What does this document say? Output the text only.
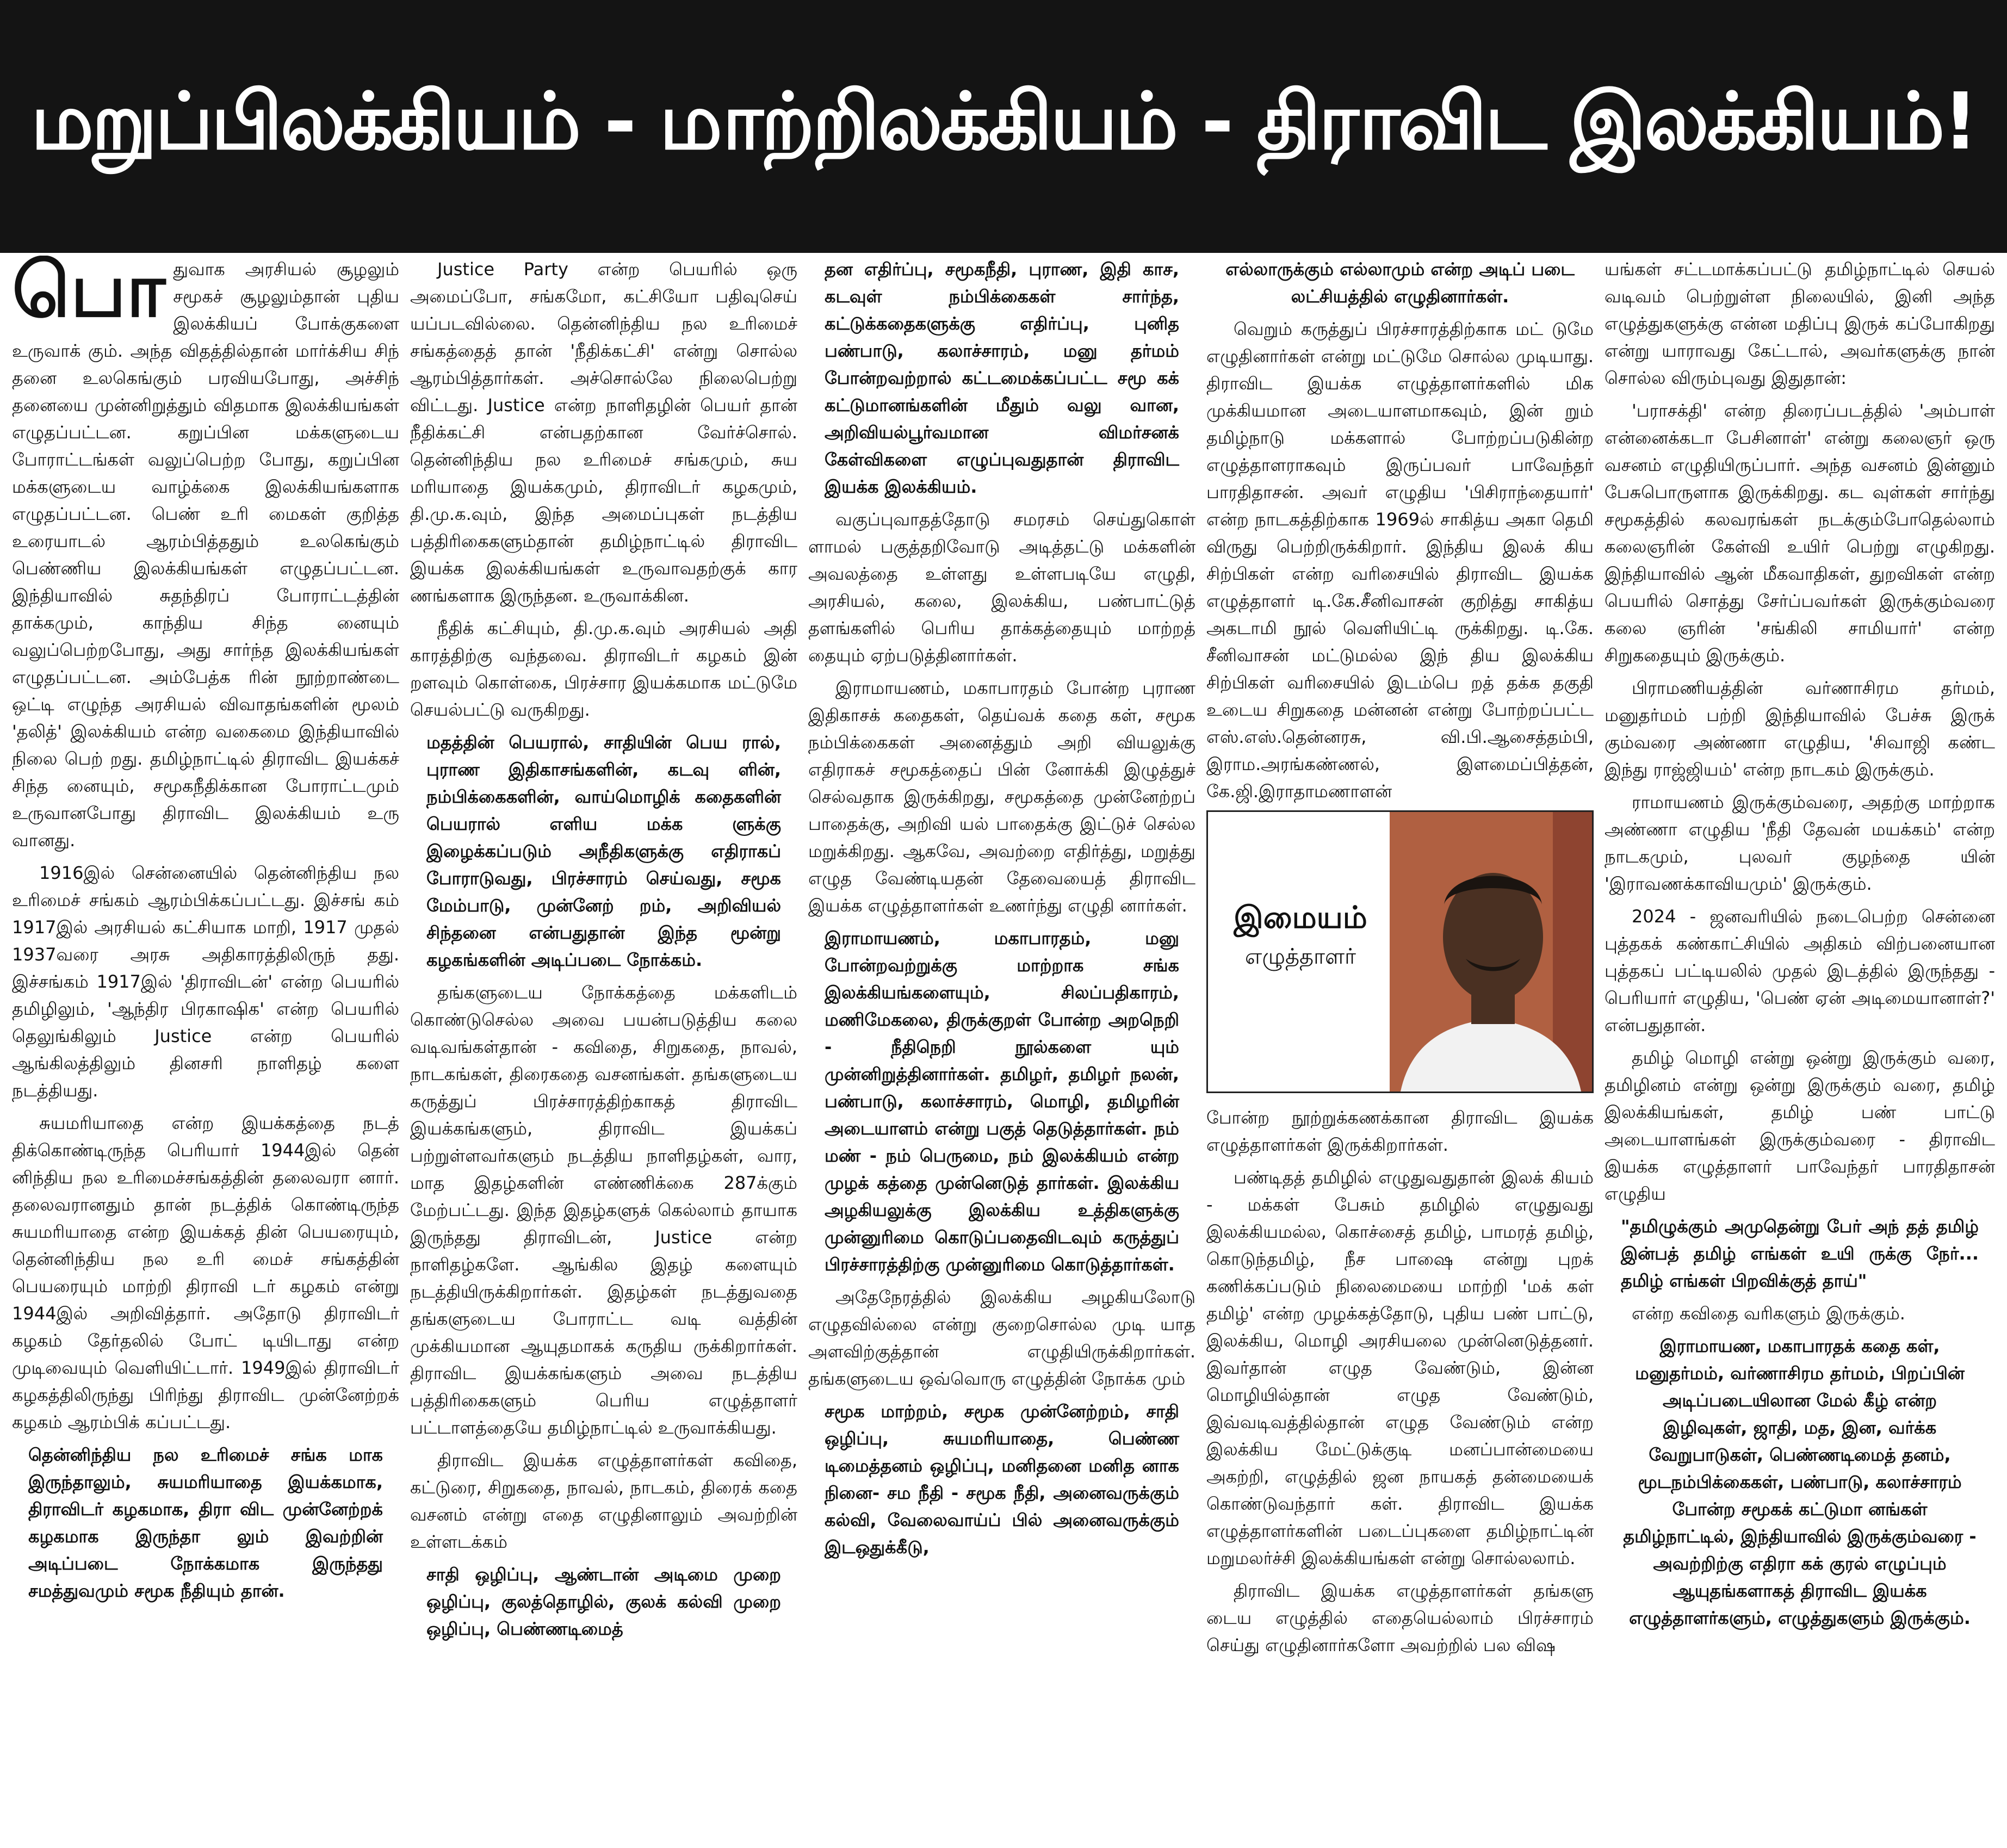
மறுப்பிலக்கியம் - மாற்றிலக்கியம் - திராவிட இலக்கியம்!

பொதுவாக அரசியல் சூழலும் சமூகச் சூழலும்தான் புதிய இலக்கியப் போக்குகளை உருவாக் கும். அந்த விதத்தில்தான் மார்க்சிய சிந் தனை உலகெங்கும் பரவியபோது, அச்சிந் தனையை முன்னிறுத்தும் விதமாக இலக்கியங்கள் எழுதப்பட்டன. கறுப்பின மக்களுடைய போராட்டங்கள் வலுப்பெற்ற போது, கறுப்பின மக்களுடைய வாழ்க்கை இலக்கியங்களாக எழுதப்பட்டன. பெண் உரி மைகள் குறித்த உரையாடல் ஆரம்பித்ததும் உலகெங்கும் பெண்ணிய இலக்கியங்கள் எழுதப்பட்டன. இந்தியாவில் சுதந்திரப் போராட்டத்தின் தாக்கமும், காந்திய சிந்த னையும் வலுப்பெற்றபோது, அது சார்ந்த இலக்கியங்கள் எழுதப்பட்டன. அம்பேத்க ரின் நூற்றாண்டை ஒட்டி எழுந்த அரசியல் விவாதங்களின் மூலம் 'தலித்' இலக்கியம் என்ற வகைமை இந்தியாவில் நிலை பெற் றது. தமிழ்நாட்டில் திராவிட இயக்கச் சிந்த னையும், சமூகநீதிக்கான போராட்டமும் உருவானபோது திராவிட இலக்கியம் உரு வானது.

1916இல் சென்னையில் தென்னிந்திய நல உரிமைச் சங்கம் ஆரம்பிக்கப்பட்டது. இச்சங் கம் 1917இல் அரசியல் கட்சியாக மாறி, 1917 முதல் 1937வரை அரசு அதிகாரத்திலிருந் தது. இச்சங்கம் 1917இல் 'திராவிடன்' என்ற பெயரில் தமிழிலும், 'ஆந்திர பிரகாஷிக' என்ற பெயரில் தெலுங்கிலும் Justice என்ற பெயரில் ஆங்கிலத்திலும் தினசரி நாளிதழ் களை நடத்தியது.

சுயமரியாதை என்ற இயக்கத்தை நடத் திக்கொண்டிருந்த பெரியார் 1944இல் தென் னிந்திய நல உரிமைச்சங்கத்தின் தலைவரா னார். தலைவரானதும் தான் நடத்திக் கொண்டிருந்த சுயமரியாதை என்ற இயக்கத் தின் பெயரையும், தென்னிந்திய நல உரி மைச் சங்கத்தின் பெயரையும் மாற்றி திராவி டர் கழகம் என்று 1944இல் அறிவித்தார். அதோடு திராவிடர் கழகம் தேர்தலில் போட் டியிடாது என்ற முடிவையும் வெளியிட்டார். 1949இல் திராவிடர் கழகத்திலிருந்து பிரிந்து திராவிட முன்னேற்றக் கழகம் ஆரம்பிக் கப்பட்டது.

தென்னிந்திய நல உரிமைச் சங்க மாக இருந்தாலும், சுயமரியாதை இயக்கமாக, திராவிடர் கழகமாக, திரா விட முன்னேற்றக் கழகமாக இருந்தா லும் இவற்றின் அடிப்படை நோக்கமாக இருந்தது சமத்துவமும் சமூக நீதியும் தான்.

Justice Party என்ற பெயரில் ஒரு அமைப்போ, சங்கமோ, கட்சியோ பதிவுசெய் யப்படவில்லை. தென்னிந்திய நல உரிமைச் சங்கத்தைத் தான் 'நீதிக்கட்சி' என்று சொல்ல ஆரம்பித்தார்கள். அச்சொல்லே நிலைபெற்று விட்டது. Justice என்ற நாளிதழின் பெயர் தான் நீதிக்கட்சி என்பதற்கான வேர்ச்சொல். தென்னிந்திய நல உரிமைச் சங்கமும், சுய மரியாதை இயக்கமும், திராவிடர் கழகமும், தி.மு.க.வும், இந்த அமைப்புகள் நடத்திய பத்திரிகைகளும்தான் தமிழ்நாட்டில் திராவிட இயக்க இலக்கியங்கள் உருவாவதற்குக் கார ணங்களாக இருந்தன. உருவாக்கின.

நீதிக் கட்சியும், தி.மு.க.வும் அரசியல் அதி காரத்திற்கு வந்தவை. திராவிடர் கழகம் இன் றளவும் கொள்கை, பிரச்சார இயக்கமாக மட்டுமே செயல்பட்டு வருகிறது.

மதத்தின் பெயரால், சாதியின் பெய ரால், புராண இதிகாசங்களின், கடவு ளின், நம்பிக்கைகளின், வாய்மொழிக் கதைகளின் பெயரால் எளிய மக்க ளுக்கு இழைக்கப்படும் அநீதிகளுக்கு எதிராகப் போராடுவது, பிரச்சாரம் செய்வது, சமூக மேம்பாடு, முன்னேற் றம், அறிவியல் சிந்தனை என்பதுதான் இந்த மூன்று கழகங்களின் அடிப்படை நோக்கம்.

தங்களுடைய நோக்கத்தை மக்களிடம் கொண்டுசெல்ல அவை பயன்படுத்திய கலை வடிவங்கள்தான் - கவிதை, சிறுகதை, நாவல், நாடகங்கள், திரைகதை வசனங்கள். தங்களுடைய கருத்துப் பிரச்சாரத்திற்காகத் திராவிட இயக்கங்களும், திராவிட இயக்கப் பற்றுள்ளவர்களும் நடத்திய நாளிதழ்கள், வார, மாத இதழ்களின் எண்ணிக்கை 287க்கும் மேற்பட்டது. இந்த இதழ்களுக் கெல்லாம் தாயாக இருந்தது திராவிடன், Justice என்ற நாளிதழ்களே. ஆங்கில இதழ் களையும் நடத்தியிருக்கிறார்கள். இதழ்கள் நடத்துவதை தங்களுடைய போராட்ட வடி வத்தின் முக்கியமான ஆயுதமாகக் கருதிய ருக்கிறார்கள். திராவிட இயக்கங்களும் அவை நடத்திய பத்திரிகைகளும் பெரிய எழுத்தாளர் பட்டாளத்தையே தமிழ்நாட்டில் உருவாக்கியது.

திராவிட இயக்க எழுத்தாளர்கள் கவிதை, கட்டுரை, சிறுகதை, நாவல், நாடகம், திரைக் கதை வசனம் என்று எதை எழுதினாலும் அவற்றின் உள்ளடக்கம்

சாதி ஒழிப்பு, ஆண்டான் அடிமை முறை ஒழிப்பு, குலத்தொழில், குலக் கல்வி முறை ஒழிப்பு, பெண்ணடிமைத்

தன எதிர்ப்பு, சமூகநீதி, புராண, இதி காச, கடவுள் நம்பிக்கைகள் சார்ந்த, கட்டுக்கதைகளுக்கு எதிர்ப்பு, புனித பண்பாடு, கலாச்சாரம், மனு தர்மம் போன்றவற்றால் கட்டமைக்கப்பட்ட சமூ கக் கட்டுமானங்களின் மீதும் வலு வான, அறிவியல்பூர்வமான விமர்சனக் கேள்விகளை எழுப்புவதுதான் திராவிட இயக்க இலக்கியம்.

வகுப்புவாதத்தோடு சமரசம் செய்துகொள் ளாமல் பகுத்தறிவோடு அடித்தட்டு மக்களின் அவலத்தை உள்ளது உள்ளபடியே எழுதி, அரசியல், கலை, இலக்கிய, பண்பாட்டுத் தளங்களில் பெரிய தாக்கத்தையும் மாற்றத் தையும் ஏற்படுத்தினார்கள்.

இராமாயணம், மகாபாரதம் போன்ற புராண இதிகாசக் கதைகள், தெய்வக் கதை கள், சமூக நம்பிக்கைகள் அனைத்தும் அறி வியலுக்கு எதிராகச் சமூகத்தைப் பின் னோக்கி இழுத்துச் செல்வதாக இருக்கிறது, சமூகத்தை முன்னேற்றப் பாதைக்கு, அறிவி யல் பாதைக்கு இட்டுச் செல்ல மறுக்கிறது. ஆகவே, அவற்றை எதிர்த்து, மறுத்து எழுத வேண்டியதன் தேவையைத் திராவிட இயக்க எழுத்தாளர்கள் உணர்ந்து எழுதி னார்கள்.

இராமாயணம், மகாபாரதம், மனு போன்றவற்றுக்கு மாற்றாக சங்க இலக்கியங்களையும், சிலப்பதிகாரம், மணிமேகலை, திருக்குறள் போன்ற அறநெறி - நீதிநெறி நூல்களை யும் முன்னிறுத்தினார்கள். தமிழர், தமிழர் நலன், பண்பாடு, கலாச்சாரம், மொழி, தமிழரின் அடையாளம் என்று பகுத் தெடுத்தார்கள். நம் மண் - நம் பெருமை, நம் இலக்கியம் என்ற முழக் கத்தை முன்னெடுத் தார்கள். இலக்கிய அழகியலுக்கு இலக்கிய உத்திகளுக்கு முன்னுரிமை கொடுப்பதைவிடவும் கருத்துப் பிரச்சாரத்திற்கு முன்னுரிமை கொடுத்தார்கள்.

அதேநேரத்தில் இலக்கிய அழகியலோடு எழுதவில்லை என்று குறைசொல்ல முடி யாத அளவிற்குத்தான் எழுதியிருக்கிறார்கள். தங்களுடைய ஒவ்வொரு எழுத்தின் நோக்க மும்

சமூக மாற்றம், சமூக முன்னேற்றம், சாதி ஒழிப்பு, சுயமரியாதை, பெண்ண டிமைத்தனம் ஒழிப்பு, மனிதனை மனித னாக நினை- சம நீதி - சமூக நீதி, அனைவருக்கும் கல்வி, வேலைவாய்ப் பில் அனைவருக்கும் இடஒதுக்கீடு,

எல்லாருக்கும் எல்லாமும் என்ற அடிப் படை லட்சியத்தில் எழுதினார்கள்.

வெறும் கருத்துப் பிரச்சாரத்திற்காக மட் டுமே எழுதினார்கள் என்று மட்டுமே சொல்ல முடியாது. திராவிட இயக்க எழுத்தாளர்களில் மிக முக்கியமான அடையாளமாகவும், இன் றும் தமிழ்நாடு மக்களால் போற்றப்படுகின்ற எழுத்தாளராகவும் இருப்பவர் பாவேந்தர் பாரதிதாசன். அவர் எழுதிய 'பிசிராந்தையார்' என்ற நாடகத்திற்காக 1969ல் சாகித்ய அகா தெமி விருது பெற்றிருக்கிறார். இந்திய இலக் கிய சிற்பிகள் என்ற வரிசையில் திராவிட இயக்க எழுத்தாளர் டி.கே.சீனிவாசன் குறித்து சாகித்ய அகடாமி நூல் வெளியிட்டி ருக்கிறது. டி.கே. சீனிவாசன் மட்டுமல்ல இந் திய இலக்கிய சிற்பிகள் வரிசையில் இடம்பெ றத் தக்க தகுதி உடைய சிறுகதை மன்னன் என்று போற்றப்பட்ட எஸ்.எஸ்.தென்னரசு, வி.பி.ஆசைத்தம்பி, இராம.அரங்கண்ணல், இளமைப்பித்தன், கே.ஜி.இராதாமணாளன்

இமையம்
எழுத்தாளர்

போன்ற நூற்றுக்கணக்கான திராவிட இயக்க எழுத்தாளர்கள் இருக்கிறார்கள்.

பண்டிதத் தமிழில் எழுதுவதுதான் இலக் கியம் - மக்கள் பேசும் தமிழில் எழுதுவது இலக்கியமல்ல, கொச்சைத் தமிழ், பாமரத் தமிழ், கொடுந்தமிழ், நீச பாஷை என்று புறக் கணிக்கப்படும் நிலைமையை மாற்றி 'மக் கள் தமிழ்' என்ற முழக்கத்தோடு, புதிய பண் பாட்டு, இலக்கிய, மொழி அரசியலை முன்னெடுத்தனர். இவர்தான் எழுத வேண்டும், இன்ன மொழியில்தான் எழுத வேண்டும், இவ்வடிவத்தில்தான் எழுத வேண்டும் என்ற இலக்கிய மேட்டுக்குடி மனப்பான்மையை அகற்றி, எழுத்தில் ஜன நாயகத் தன்மையைக் கொண்டுவந்தார் கள். திராவிட இயக்க எழுத்தாளர்களின் படைப்புகளை தமிழ்நாட்டின் மறுமலர்ச்சி இலக்கியங்கள் என்று சொல்லலாம்.

திராவிட இயக்க எழுத்தாளர்கள் தங்களு டைய எழுத்தில் எதையெல்லாம் பிரச்சாரம் செய்து எழுதினார்களோ அவற்றில் பல விஷ

யங்கள் சட்டமாக்கப்பட்டு தமிழ்நாட்டில் செயல் வடிவம் பெற்றுள்ள நிலையில், இனி அந்த எழுத்துகளுக்கு என்ன மதிப்பு இருக் கப்போகிறது என்று யாராவது கேட்டால், அவர்களுக்கு நான் சொல்ல விரும்புவது இதுதான்:

'பராசக்தி' என்ற திரைப்படத்தில் 'அம்பாள் என்னைக்கடா பேசினாள்' என்று கலைஞர் ஒரு வசனம் எழுதியிருப்பார். அந்த வசனம் இன்னும் பேசுபொருளாக இருக்கிறது. கட வுள்கள் சார்ந்து சமூகத்தில் கலவரங்கள் நடக்கும்போதெல்லாம் கலைஞரின் கேள்வி உயிர் பெற்று எழுகிறது. இந்தியாவில் ஆன் மீகவாதிகள், துறவிகள் என்ற பெயரில் சொத்து சேர்ப்பவர்கள் இருக்கும்வரை கலை ஞரின் 'சங்கிலி சாமியார்' என்ற சிறுகதையும் இருக்கும்.

பிராமணியத்தின் வர்ணாசிரம தர்மம், மனுதர்மம் பற்றி இந்தியாவில் பேச்சு இருக் கும்வரை அண்ணா எழுதிய, 'சிவாஜி கண்ட இந்து ராஜ்ஜியம்' என்ற நாடகம் இருக்கும்.

ராமாயணம் இருக்கும்வரை, அதற்கு மாற்றாக அண்ணா எழுதிய 'நீதி தேவன் மயக்கம்' என்ற நாடகமும், புலவர் குழந்தை யின் 'இராவணக்காவியமும்' இருக்கும்.

2024 - ஜனவரியில் நடைபெற்ற சென்னை புத்தகக் கண்காட்சியில் அதிகம் விற்பனையான புத்தகப் பட்டியலில் முதல் இடத்தில் இருந்தது - பெரியார் எழுதிய, 'பெண் ஏன் அடிமையானாள்?' என்பதுதான்.

தமிழ் மொழி என்று ஒன்று இருக்கும் வரை, தமிழினம் என்று ஒன்று இருக்கும் வரை, தமிழ் இலக்கியங்கள், தமிழ் பண் பாட்டு அடையாளங்கள் இருக்கும்வரை - திராவிட இயக்க எழுத்தாளர் பாவேந்தர் பாரதிதாசன் எழுதிய

"தமிழுக்கும் அமுதென்று பேர் அந் தத் தமிழ் இன்பத் தமிழ் எங்கள் உயி ருக்கு நேர்... தமிழ் எங்கள் பிறவிக்குத் தாய்"

என்ற கவிதை வரிகளும் இருக்கும்.

இராமாயண, மகாபாரதக் கதை கள், மனுதர்மம், வர்ணாசிரம தர்மம், பிறப்பின் அடிப்படையிலான மேல் கீழ் என்ற இழிவுகள், ஜாதி, மத, இன, வர்க்க வேறுபாடுகள், பெண்ணடிமைத் தனம், மூடநம்பிக்கைகள், பண்பாடு, கலாச்சாரம் போன்ற சமூகக் கட்டுமா னங்கள் தமிழ்நாட்டில், இந்தியாவில் இருக்கும்வரை - அவற்றிற்கு எதிரா கக் குரல் எழுப்பும் ஆயுதங்களாகத் திராவிட இயக்க எழுத்தாளர்களும், எழுத்துகளும் இருக்கும்.
